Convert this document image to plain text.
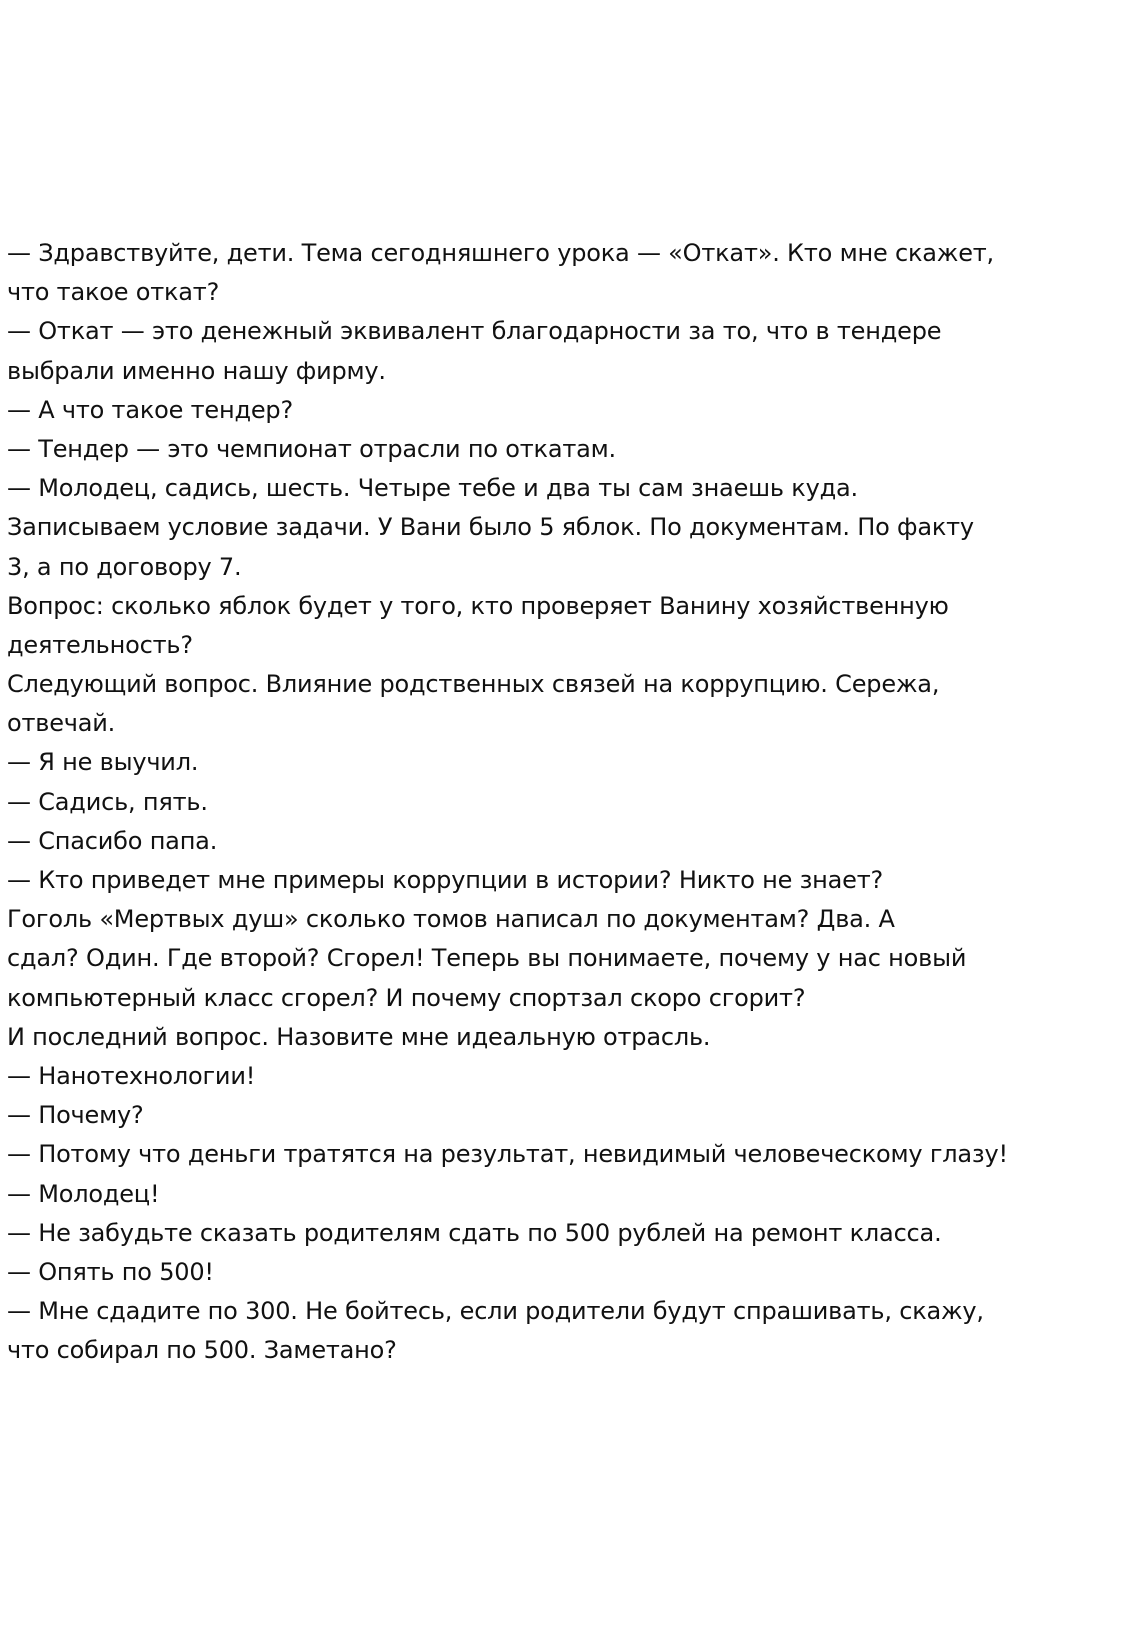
— Здравствуйте, дети. Тема сегодняшнего урока — «Откат». Кто мне скажет,
что такое откат?
— Откат — это денежный эквивалент благодарности за то, что в тендере
выбрали именно нашу фирму.
— А что такое тендер?
— Тендер — это чемпионат отрасли по откатам.
— Молодец, садись, шесть. Четыре тебе и два ты сам знаешь куда.
Записываем условие задачи. У Вани было 5 яблок. По документам. По факту
3, а по договору 7.
Вопрос: сколько яблок будет у того, кто проверяет Ванину хозяйственную
деятельность?
Следующий вопрос. Влияние родственных связей на коррупцию. Сережа,
отвечай.
— Я не выучил.
— Садись, пять.
— Спасибо папа.
— Кто приведет мне примеры коррупции в истории? Никто не знает?
Гоголь «Мертвых душ» сколько томов написал по документам? Два. А
сдал? Один. Где второй? Сгорел! Теперь вы понимаете, почему у нас новый
компьютерный класс сгорел? И почему спортзал скоро сгорит?
И последний вопрос. Назовите мне идеальную отрасль.
— Нанотехнологии!
— Почему?
— Потому что деньги тратятся на результат, невидимый человеческому глазу!
— Молодец!
— Не забудьте сказать родителям сдать по 500 рублей на ремонт класса.
— Опять по 500!
— Мне сдадите по 300. Не бойтесь, если родители будут спрашивать, скажу,
что собирал по 500. Заметано?
